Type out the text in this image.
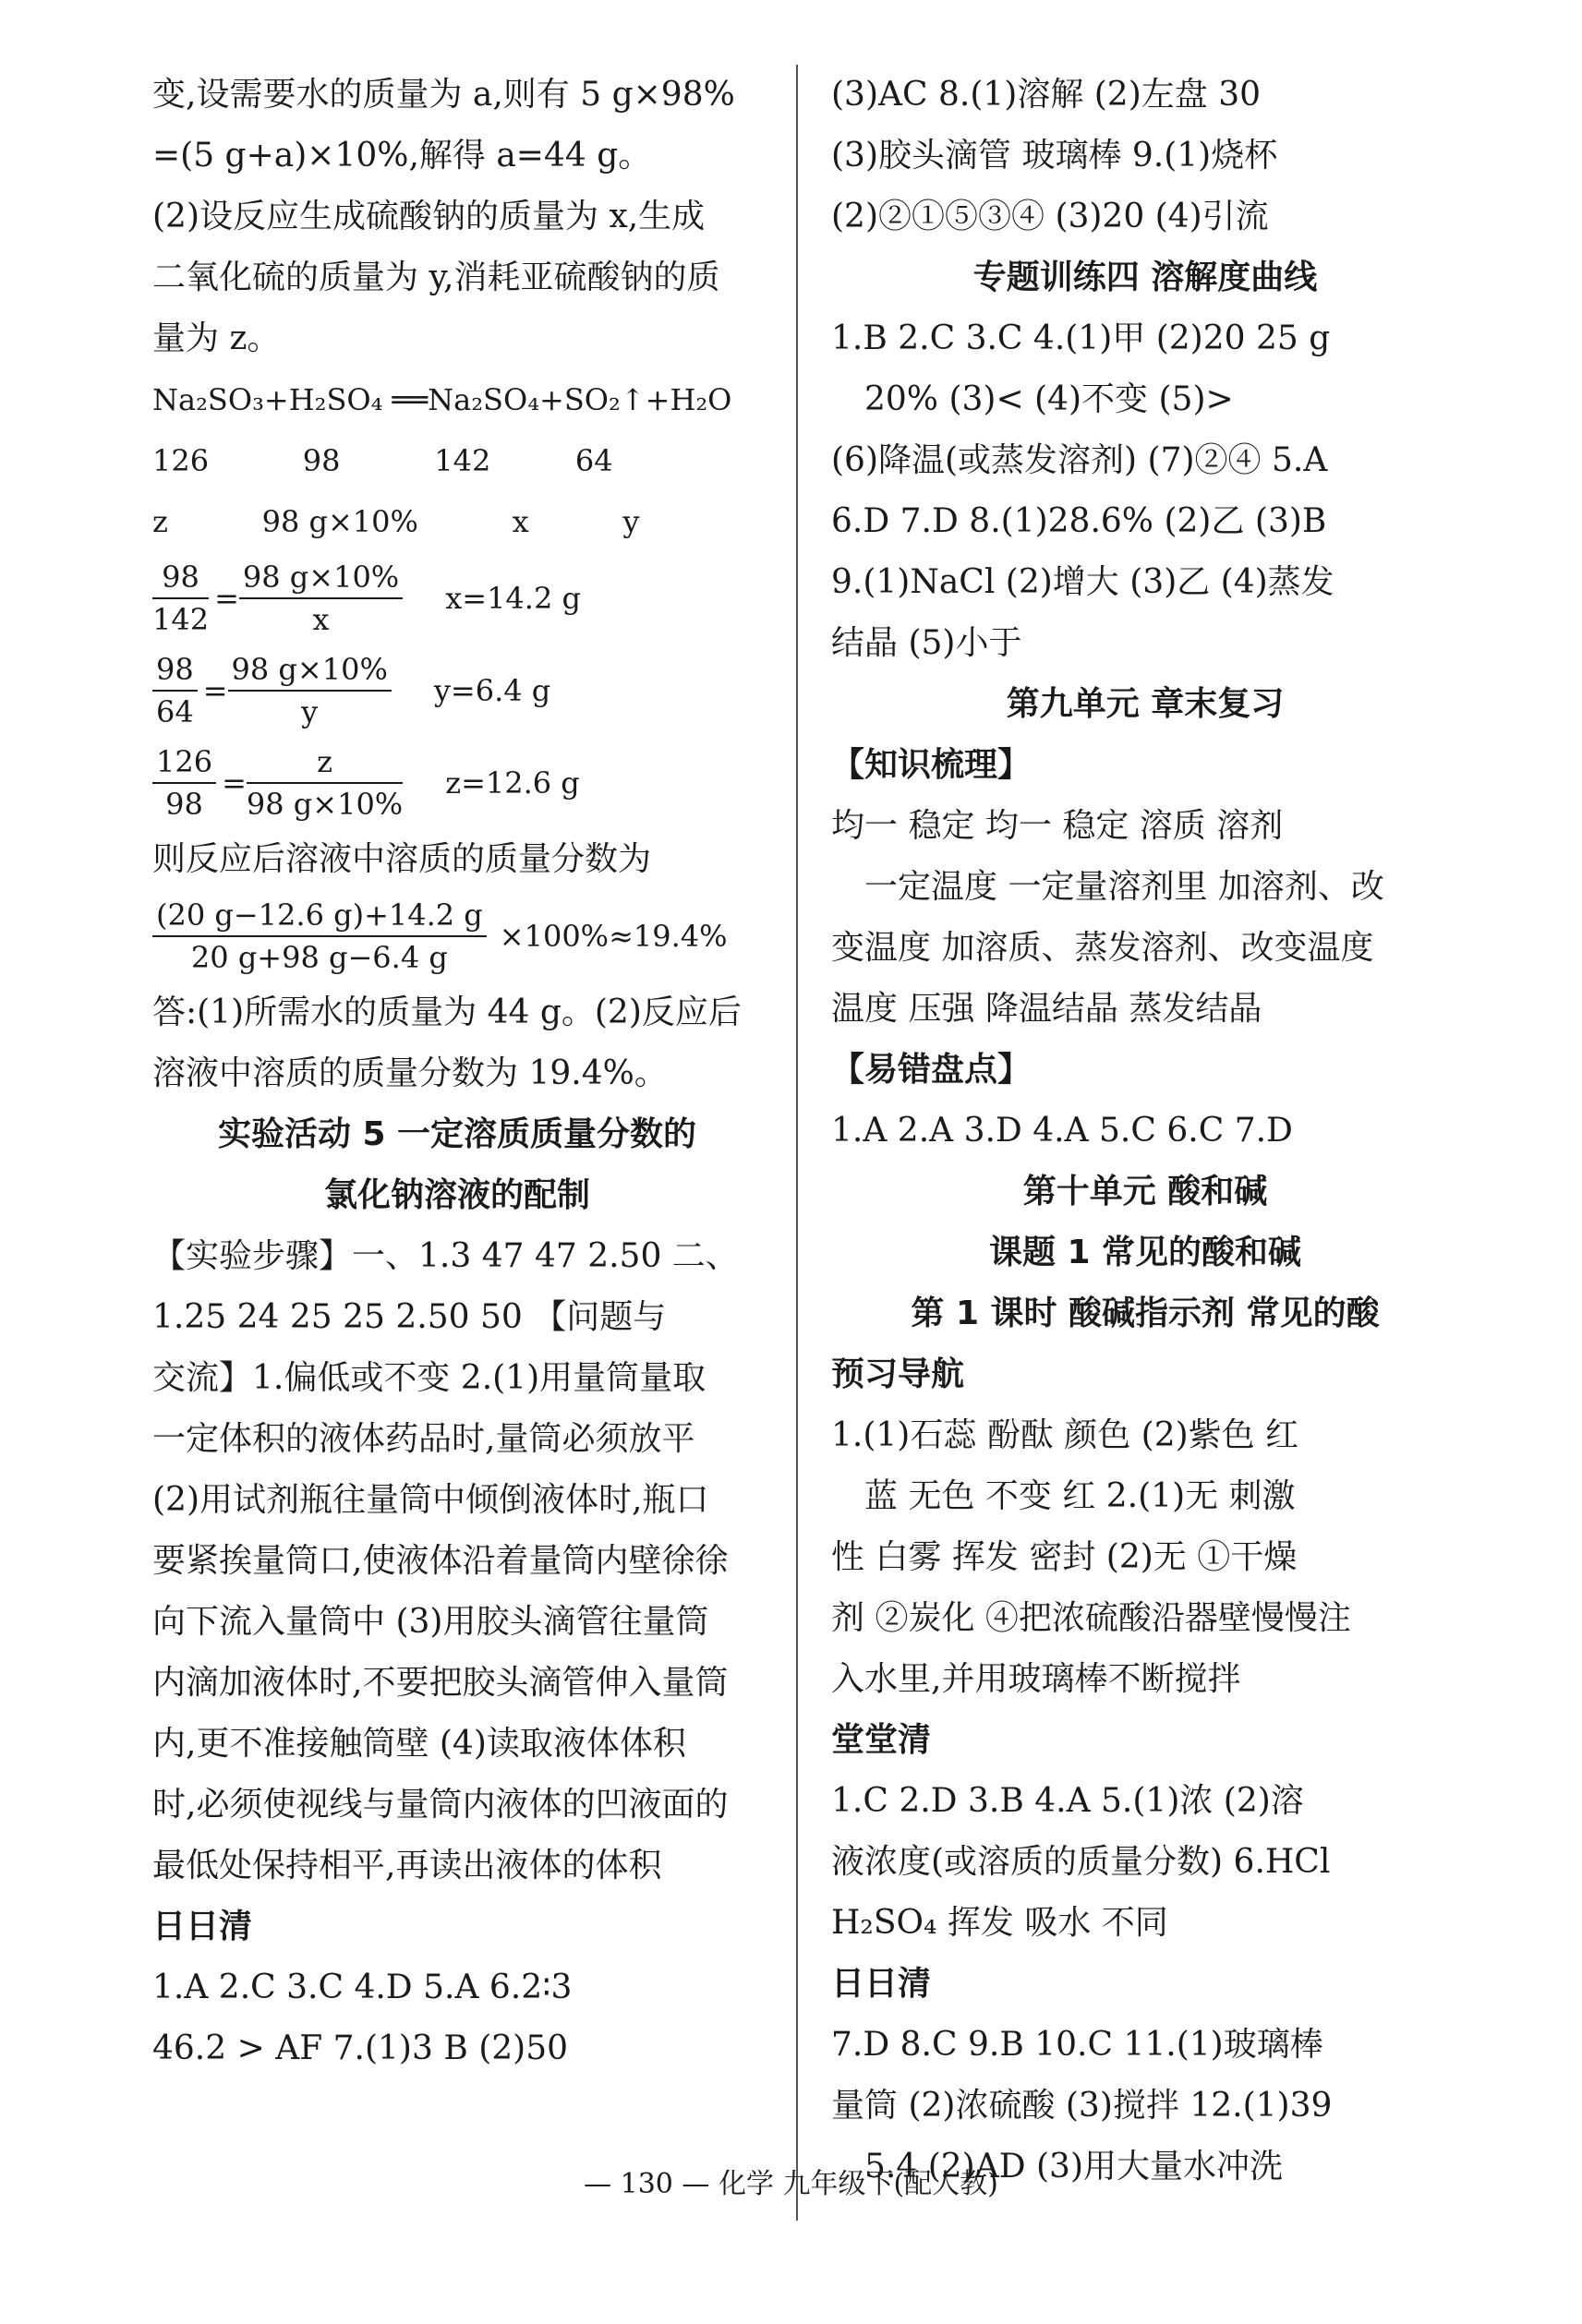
变,设需要水的质量为 a,则有 5 g×98%
=(5 g+a)×10%,解得 a=44 g。
(2)设反应生成硫酸钠的质量为 x,生成
二氧化硫的质量为 y,消耗亚硫酸钠的质
量为 z。
Na₂SO₃+H₂SO₄ ══Na₂SO₄+SO₂↑+H₂O
126          98          142         64
z          98 g×10%          x          y
$\frac{98}{142} = \frac{98 g\times 10\%}{x} x=14.2$ g
$\frac{98}{64} = \frac{98 g\times 10\%}{y} y=6.4$ g
$\frac{126}{98} = \frac{z}{98 g\times 10\%} z=12.6$ g
则反应后溶液中溶质的质量分数为
$\frac{(20 g-12.6 g)+14.2 g}{20 g+98 g-6.4 g} \times 100\%\approx 19.4\%$
答:(1)所需水的质量为 44 g。(2)反应后
溶液中溶质的质量分数为 19.4%。
实验活动 5 一定溶质质量分数的
氯化钠溶液的配制
【实验步骤】一、1.3 47 47 2.50 二、
1.25 24 25 25 2.50 50 【问题与
交流】1.偏低或不变 2.(1)用量筒量取
一定体积的液体药品时,量筒必须放平
(2)用试剂瓶往量筒中倾倒液体时,瓶口
要紧挨量筒口,使液体沿着量筒内壁徐徐
向下流入量筒中 (3)用胶头滴管往量筒
内滴加液体时,不要把胶头滴管伸入量筒
内,更不准接触筒壁 (4)读取液体体积
时,必须使视线与量筒内液体的凹液面的
最低处保持相平,再读出液体的体积
日日清
1.A 2.C 3.C 4.D 5.A 6.2∶3
46.2 > AF 7.(1)3 B (2)50
(3)AC 8.(1)溶解 (2)左盘 30
(3)胶头滴管 玻璃棒 9.(1)烧杯
(2)②①⑤③④ (3)20 (4)引流
专题训练四 溶解度曲线
1.B 2.C 3.C 4.(1)甲 (2)20 25 g
20% (3)< (4)不变 (5)>
(6)降温(或蒸发溶剂) (7)②④ 5.A
6.D 7.D 8.(1)28.6% (2)乙 (3)B
9.(1)NaCl (2)增大 (3)乙 (4)蒸发
结晶 (5)小于
第九单元 章末复习
【知识梳理】
均一 稳定 均一 稳定 溶质 溶剂
一定温度 一定量溶剂里 加溶剂、改
变温度 加溶质、蒸发溶剂、改变温度
温度 压强 降温结晶 蒸发结晶
【易错盘点】
1.A 2.A 3.D 4.A 5.C 6.C 7.D
第十单元 酸和碱
课题 1 常见的酸和碱
第 1 课时 酸碱指示剂 常见的酸
预习导航
1.(1)石蕊 酚酞 颜色 (2)紫色 红
蓝 无色 不变 红 2.(1)无 刺激
性 白雾 挥发 密封 (2)无 ①干燥
剂 ②炭化 ④把浓硫酸沿器壁慢慢注
入水里,并用玻璃棒不断搅拌
堂堂清
1.C 2.D 3.B 4.A 5.(1)浓 (2)溶
液浓度(或溶质的质量分数) 6.HCl
H₂SO₄ 挥发 吸水 不同
日日清
7.D 8.C 9.B 10.C 11.(1)玻璃棒
量筒 (2)浓硫酸 (3)搅拌 12.(1)39
5.4 (2)AD (3)用大量水冲洗
— 130 — 化学 九年级下(配人教)
